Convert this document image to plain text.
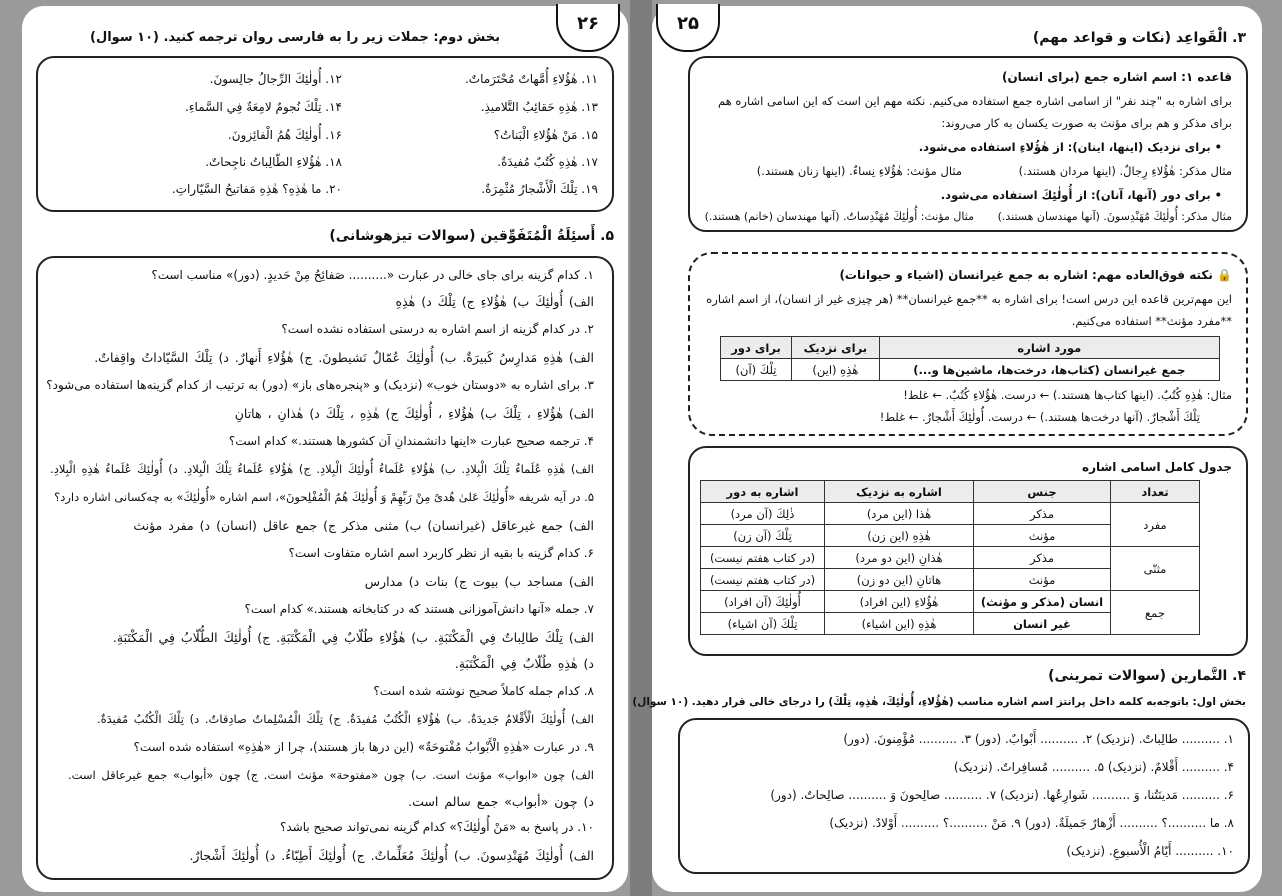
۲۶
بخش دوم: جملات زیر را به فارسی روان ترجمه کنید. (۱۰ سوال)
۱۱. هٰؤُلاءِ أُمَّهاتٌ مُحْتَرَماتٌ.
۱۲. أُولٰئِكَ الرِّجالُ جالِسونَ.
۱۳. هٰذِهِ حَقائِبُ التَّلاميذِ.
۱۴. تِلْكَ نُجومٌ لامِعَةٌ فِي السَّماءِ.
۱۵. مَنْ هٰؤُلاءِ الْبَناتُ؟
۱۶. أُولٰئِكَ هُمُ الْفائِزونَ.
۱۷. هٰذِهِ كُتُبٌ مُفيدَةٌ.
۱۸. هٰؤُلاءِ الطّالِباتُ ناجِحاتٌ.
۱۹. تِلْكَ الْأَشْجارُ مُثْمِرَةٌ.
۲۰. ما هٰذِهِ؟ هٰذِهِ مَفاتيحُ السَّيّاراتِ.
۵. أَسئِلَةُ الْمُتَفَوِّقين (سوالات تیزهوشانی)
۱. کدام گزینه برای جای خالی در عبارت «.......... صَفائِحُ مِنْ حَديدٍ. (دور)» مناسب است؟
الف) أُولٰئِكَ ب) هٰؤُلاءِ ج) تِلْكَ د) هٰذِهِ
۲. در کدام گزینه از اسم اشاره به درستی استفاده نشده است؟
الف) هٰذِهِ مَدارِسُ كَبيرَةٌ. ب) أُولٰئِكَ عُمّالٌ نَشيطونَ. ج) هٰؤُلاءِ أَنهارٌ. د) تِلْكَ السَّيّاداتُ واقِفاتٌ.
۳. برای اشاره به «دوستان خوب» (نزدیک) و «پنجره‌های باز» (دور) به ترتیب از کدام گزینه‌ها استفاده می‌شود؟
الف) هٰؤُلاءِ ، تِلْكَ ب) هٰؤُلاءِ ، أُولٰئِكَ ج) هٰذِهِ ، تِلْكَ د) هٰذانِ ، هاتانِ
۴. ترجمه صحیح عبارت «اینها دانشمندانِ آن کشورها هستند.» کدام است؟
الف) هٰذِهِ عُلَماءُ تِلْكَ الْبِلادِ. ب) هٰؤُلاءِ عُلَماءُ أُولٰئِكَ الْبِلادِ. ج) هٰؤُلاءِ عُلَماءُ تِلْكَ الْبِلادِ. د) أُولٰئِكَ عُلَماءُ هٰذِهِ الْبِلادِ.
۵. در آیه شریفه «أُولٰئِكَ عَلىٰ هُدىً مِنْ رَبِّهِمْ وَ أُولٰئِكَ هُمُ الْمُفْلِحونَ»، اسم اشاره «أُولٰئِكَ» به چه‌کسانی اشاره دارد؟
الف) جمع غیرعاقل (غیرانسان) ب) مثنی مذکر ج) جمع عاقل (انسان) د) مفرد مؤنث
۶. کدام گزینه با بقیه از نظر کاربرد اسم اشاره متفاوت است؟
الف) مساجد ب) بیوت ج) بنات د) مدارس
۷. جمله «آنها دانش‌آموزانی هستند که در کتابخانه هستند.» کدام است؟
الف) تِلْكَ طالِباتٌ فِي الْمَكْتَبَةِ. ب) هٰؤُلاءِ طُلّابٌ فِي الْمَكْتَبَةِ. ج) أُولٰئِكَ الطُّلّابُ فِي الْمَكْتَبَةِ.
د) هٰذِهِ طُلّابٌ فِي الْمَكْتَبَةِ.
۸. کدام جمله کاملاً صحیح نوشته شده است؟
الف) أُولٰئِكَ الْأَقْلامُ جَديدَةٌ. ب) هٰؤُلاءِ الْكُتُبُ مُفيدَةٌ. ج) تِلْكَ الْمُسْلِماتُ صادِقاتٌ. د) تِلْكَ الْكُتُبُ مُفيدَةٌ.
۹. در عبارت «هٰذِهِ الْأَبْوابُ مُفْتوحَةٌ» (این درها باز هستند)، چرا از «هٰذِهِ» استفاده شده است؟
الف) چون «ابواب» مؤنث است. ب) چون «مفتوحة» مؤنث است. ج) چون «أبواب» جمع غیرعاقل است.
د) چون «أبواب» جمع سالم است.
۱۰. در پاسخ به «مَنْ أُولٰئِكَ؟» کدام گزینه نمی‌تواند صحیح باشد؟
الف) أُولٰئِكَ مُهَنْدِسونَ. ب) أُولٰئِكَ مُعَلِّماتٌ. ج) أُولٰئِكَ أَطِبّاءُ. د) أُولٰئِكَ أَشْجارٌ.
۲۵
۳. الْقَواعِد (نکات و قواعد مهم)
قاعده ۱: اسم اشاره جمع (برای انسان)
برای اشاره به "چند نفر" از اسامی اشاره جمع استفاده می‌کنیم. نکته مهم این است که این اسامی اشاره هم
برای مذکر و هم برای مؤنث به صورت یکسان به کار می‌روند:
• برای نزدیک (اینها، اینان): از هٰؤُلاءِ استفاده می‌شود.
مثال مذکر: هٰؤُلاءِ رِجالٌ. (اینها مردان هستند.)
مثال مؤنث: هٰؤُلاءِ نِساءٌ. (اینها زنان هستند.)
• برای دور (آنها، آنان): از أُولٰئِكَ استفاده می‌شود.
مثال مذکر: أُولٰئِكَ مُهَنْدِسونَ. (آنها مهندسان هستند.)
مثال مؤنث: أُولٰئِكَ مُهَنْدِساتٌ. (آنها مهندسان (خانم) هستند.)
🔒 نکته فوق‌العاده مهم: اشاره به جمع غیرانسان (اشیاء و حیوانات)
این مهم‌ترین قاعده این درس است! برای اشاره به **جمع غیرانسان** (هر چیزی غیر از انسان)، از اسم اشاره
**مفرد مؤنث** استفاده می‌کنیم.
مورد اشاره	برای نزدیک	برای دور
جمع غیرانسان (کتاب‌ها، درخت‌ها، ماشین‌ها و...)	هٰذِهِ (این)	تِلْكَ (آن)
مثال: هٰذِهِ كُتُبٌ. (اینها کتاب‌ها هستند.) ← درست. هٰؤُلاءِ كُتُبٌ. ← غلط!
تِلْكَ أَشْجارٌ. (آنها درخت‌ها هستند.) ← درست. أُولٰئِكَ أَشْجارٌ. ← غلط!
جدول کامل اسامی اشاره
تعداد	جنس	اشاره به نزدیک	اشاره به دور
مفرد	مذکر	هٰذا (این مرد)	ذٰلِكَ (آن مرد)
	مؤنث	هٰذِهِ (این زن)	تِلْكَ (آن زن)
مثنّی	مذکر	هٰذانِ (این دو مرد)	(در کتاب هفتم نیست)
	مؤنث	هاتانِ (این دو زن)	(در کتاب هفتم نیست)
جمع	انسان (مذکر و مؤنث)	هٰؤُلاءِ (این افراد)	أُولٰئِكَ (آن افراد)
	غیر انسان	هٰذِهِ (این اشیاء)	تِلْكَ (آن اشیاء)
۴. التَّمارين (سوالات تمرینی)
بخش اول: باتوجه‌به کلمه داخل پرانتز اسم اشاره مناسب (هٰؤُلاءِ، أُولٰئِكَ، هٰذِهِ، تِلْكَ) را درجای خالی قرار دهید. (۱۰ سوال)
۱. .......... طالِباتٌ. (نزدیک) ۲. .......... أَبْوابٌ. (دور) ۳. .......... مُؤْمِنونَ. (دور)
۴. .......... أَقْلامٌ. (نزدیک) ۵. .......... مُسافِراتٌ. (نزدیک)
۶. .......... مَدينَتُنا، وَ .......... شَوارِعُها. (نزدیک) ۷. .......... صالِحونَ وَ .......... صالِحاتٌ. (دور)
۸. ما ..........؟ .......... أَزْهارٌ جَميلَةٌ. (دور) ۹. مَنْ ..........؟ .......... أَوْلادٌ. (نزدیک)
۱۰. .......... أَيّامُ الْأُسبوعِ. (نزدیک)
